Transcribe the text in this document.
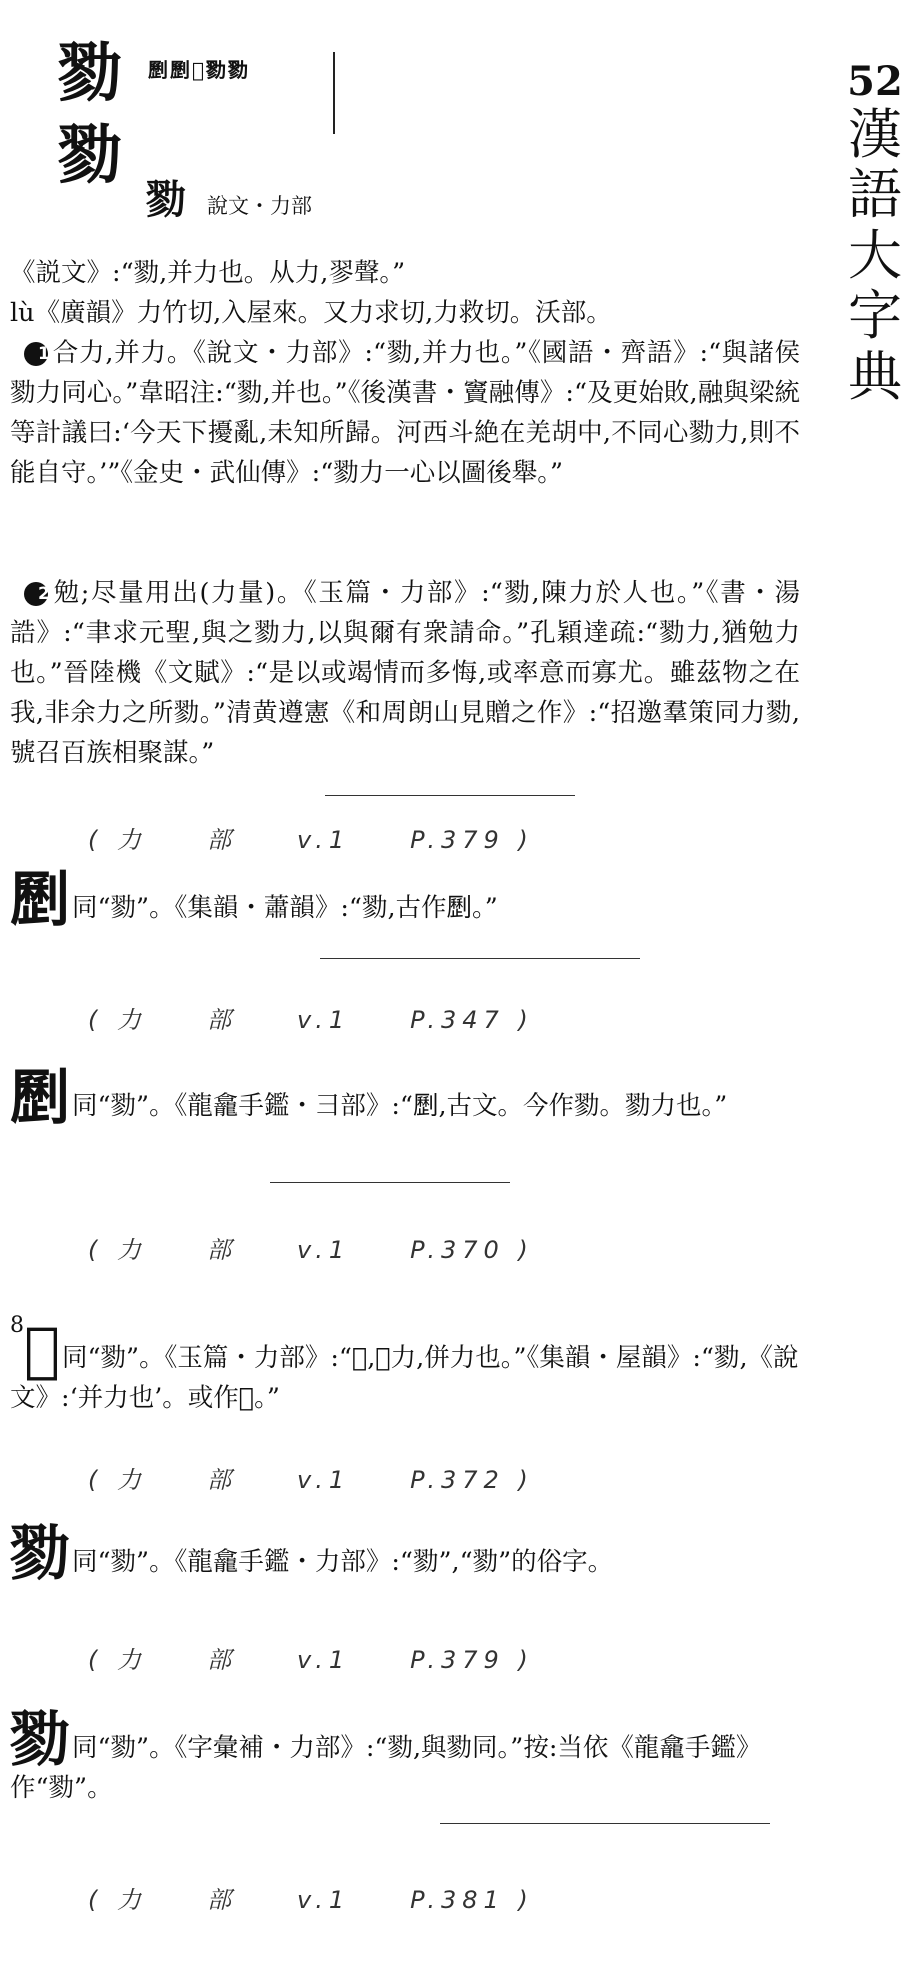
52
漢
語
大
字
典
勠
勠
𠠝𠠝𠠟勠勠
勠 說文・力部
《説文》:“勠,并力也。从力,翏聲。”
lù《廣韻》力竹切,入屋來。又力求切,力救切。沃部。
1合力,并力。《說文・力部》:“勠,并力也。”《國語・齊語》:“與諸侯勠力同心。”韋昭注:“勠,并也。”《後漢書・竇融傳》:“及更始敗,融與梁統等計議曰:‘今天下擾亂,未知所歸。河西斗絶在羌胡中,不同心勠力,則不能自守。’”《金史・武仙傳》:“勠力一心以圖後舉。”
2勉;尽量用出(力量)。《玉篇・力部》:“勠,陳力於人也。”《書・湯誥》:“聿求元聖,與之勠力,以與爾有衆請命。”孔穎達疏:“勠力,猶勉力也。”晉陸機《文賦》:“是以或竭情而多悔,或率意而寡尤。雖茲物之在我,非余力之所勠。”清黄遵憲《和周朗山見贈之作》:“招邀羣策同力勠,號召百族相聚謀。”
( 力	部	v.1	P.379 )
𠠝同“勠”。《集韻・蕭韻》:“勠,古作𠠝。”
( 力	部	v.1	P.347 )
𠠝同“勠”。《龍龕手鑑・彐部》:“𠠝,古文。今作勠。勠力也。”
( 力	部	v.1	P.370 )
8𠠟同“勠”。《玉篇・力部》:“𠠟,𠠟力,併力也。”《集韻・屋韻》:“勠,《說文》:‘并力也’。或作𠠟。”
( 力	部	v.1	P.372 )
勠同“勠”。《龍龕手鑑・力部》:“勠”,“勠”的俗字。
( 力	部	v.1	P.379 )
勠同“勠”。《字彙補・力部》:“勠,與勠同。”按:当依《龍龕手鑑》作“勠”。
( 力	部	v.1	P.381 )
